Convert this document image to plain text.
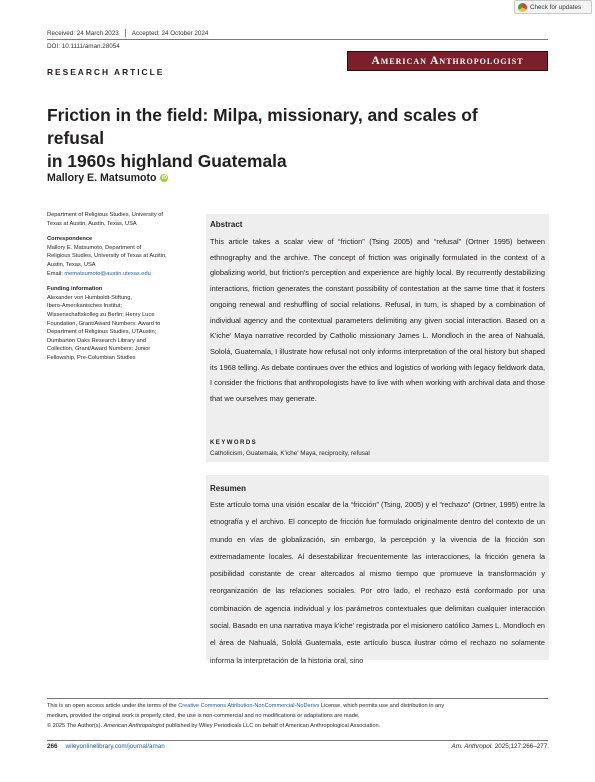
Check for updates
Received: 24 March 2023 Accepted: 24 October 2024
DOI: 10.1111/aman.28054
American Anthropologist
RESEARCH ARTICLE
Friction in the field: Milpa, missionary, and scales of refusal
in 1960s highland Guatemala
Mallory E. Matsumoto	iD
Department of Religious Studies, University of
Texas at Austin, Austin, Texas, USA
Correspondence
Mallory E. Matsumoto, Department of
Religious Studies, University of Texas at Austin,
Austin, Texas, USA
Email: mematsumoto@austin.utexas.edu
Funding information
Alexander von Humboldt-Stiftung,
Ibero-Amerikanisches Institut;
Wissenschaftskolleg zu Berlin; Henry Luce
Foundation, Grant/Award Numbers: Award to
Department of Religious Studies, UTAustin;
Dumbarton Oaks Research Library and
Collection, Grant/Award Numbers: Junior
Fellowship, Pre-Columbian Studies
Abstract
This article takes a scalar view of “friction” (Tsing 2005) and “refusal” (Ortner 1995) between ethnography and the archive. The concept of friction was originally formulated in the context of a globalizing world, but friction's perception and experience are highly local. By recurrently destabilizing interactions, friction generates the constant possibility of contestation at the same time that it fosters ongoing renewal and reshuffling of social relations. Refusal, in turn, is shaped by a combination of individual agency and the contextual parameters delimiting any given social interaction. Based on a K'iche' Maya narrative recorded by Catholic missionary James L. Mondloch in the area of Nahualá, Sololá, Guatemala, I illustrate how refusal not only informs interpretation of the oral history but shaped its 1968 telling. As debate continues over the ethics and logistics of working with legacy fieldwork data, I consider the frictions that anthropologists have to live with when working with archival data and those that we ourselves may generate.
KEYWORDS
Catholicism, Guatemala, K'iche' Maya, reciprocity, refusal
Resumen
Este artículo toma una visión escalar de la “fricción” (Tsing, 2005) y el “rechazo” (Ortner, 1995) entre la etnografía y el archivo. El concepto de fricción fue formulado originalmente dentro del contexto de un mundo en vías de globalización, sin embargo, la percepción y la vivencia de la fricción son extremadamente locales. Al desestabilizar frecuentemente las interacciones, la fricción genera la posibilidad constante de crear altercados al mismo tiempo que promueve la transformación y reorganización de las relaciones sociales. Por otro lado, el rechazo está conformado por una combinación de agencia individual y los parámetros contextuales que delimitan cualquier interacción social. Basado en una narrativa maya k'iche' registrada por el misionero católico James L. Mondloch en el área de Nahualá, Sololá Guatemala, este artículo busca ilustrar cómo el rechazo no solamente informa la interpretación de la historia oral, sino
This is an open access article under the terms of the Creative Commons Attribution-NonCommercial-NoDerivs License, which permits use and distribution in any
medium, provided the original work is properly cited, the use is non-commercial and no modifications or adaptations are made.
© 2025 The Author(s). American Anthropologist published by Wiley Periodicals LLC on behalf of American Anthropological Association.
266 wileyonlinelibrary.com/journal/aman	Am. Anthropol. 2025;127:266–277.
